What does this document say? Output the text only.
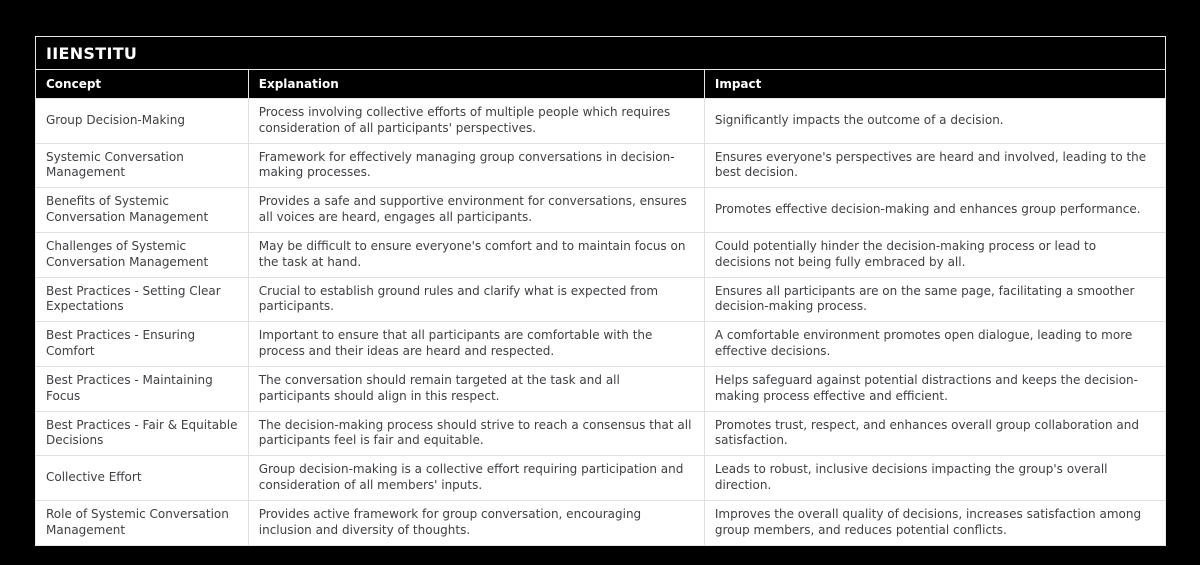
IIENSTITU
Concept	Explanation	Impact
Group Decision-Making	Process involving collective efforts of multiple people which requires consideration of all participants' perspectives.	Significantly impacts the outcome of a decision.
Systemic Conversation Management	Framework for effectively managing group conversations in decision-making processes.	Ensures everyone's perspectives are heard and involved, leading to the best decision.
Benefits of Systemic Conversation Management	Provides a safe and supportive environment for conversations, ensures all voices are heard, engages all participants.	Promotes effective decision-making and enhances group performance.
Challenges of Systemic Conversation Management	May be difficult to ensure everyone's comfort and to maintain focus on the task at hand.	Could potentially hinder the decision-making process or lead to decisions not being fully embraced by all.
Best Practices - Setting Clear Expectations	Crucial to establish ground rules and clarify what is expected from participants.	Ensures all participants are on the same page, facilitating a smoother decision-making process.
Best Practices - Ensuring Comfort	Important to ensure that all participants are comfortable with the process and their ideas are heard and respected.	A comfortable environment promotes open dialogue, leading to more effective decisions.
Best Practices - Maintaining Focus	The conversation should remain targeted at the task and all participants should align in this respect.	Helps safeguard against potential distractions and keeps the decision-making process effective and efficient.
Best Practices - Fair & Equitable Decisions	The decision-making process should strive to reach a consensus that all participants feel is fair and equitable.	Promotes trust, respect, and enhances overall group collaboration and satisfaction.
Collective Effort	Group decision-making is a collective effort requiring participation and consideration of all members' inputs.	Leads to robust, inclusive decisions impacting the group's overall direction.
Role of Systemic Conversation Management	Provides active framework for group conversation, encouraging inclusion and diversity of thoughts.	Improves the overall quality of decisions, increases satisfaction among group members, and reduces potential conflicts.
